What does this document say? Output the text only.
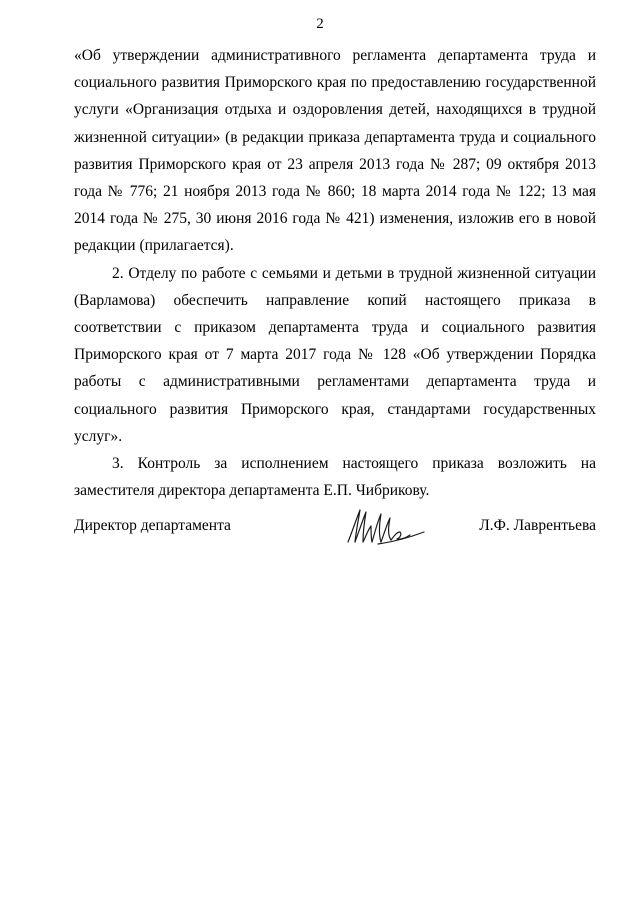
2

«Об утверждении административного регламента департамента труда и социального развития Приморского края по предоставлению государственной услуги «Организация отдыха и оздоровления детей, находящихся в трудной жизненной ситуации» (в редакции приказа департамента труда и социального развития Приморского края от 23 апреля 2013 года № 287; 09 октября 2013 года № 776; 21 ноября 2013 года № 860; 18 марта 2014 года № 122; 13 мая 2014 года № 275, 30 июня 2016 года № 421) изменения, изложив его в новой редакции (прилагается).

2. Отделу по работе с семьями и детьми в трудной жизненной ситуации (Варламова) обеспечить направление копий настоящего приказа в соответствии с приказом департамента труда и социального развития Приморского края от 7 марта 2017 года № 128 «Об утверждении Порядка работы с административными регламентами департамента труда и социального развития Приморского края, стандартами государственных услуг».

3. Контроль за исполнением настоящего приказа возложить на заместителя директора департамента Е.П. Чибрикову.

Директор департамента	Л.Ф. Лаврентьева
